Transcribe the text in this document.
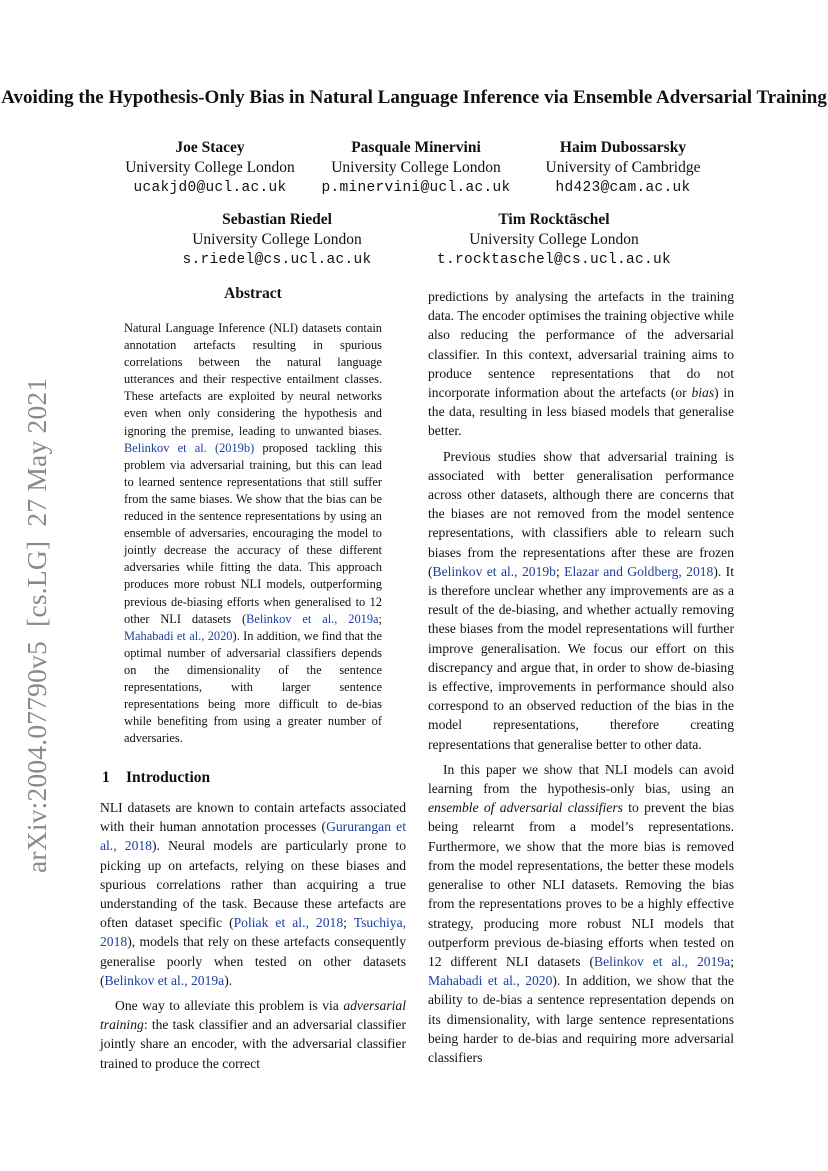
Avoiding the Hypothesis-Only Bias in Natural Language Inference via Ensemble Adversarial Training
Joe Stacey
University College London
ucakjd0@ucl.ac.uk
Pasquale Minervini
University College London
p.minervini@ucl.ac.uk
Haim Dubossarsky
University of Cambridge
hd423@cam.ac.uk
Sebastian Riedel
University College London
s.riedel@cs.ucl.ac.uk
Tim Rocktäschel
University College London
t.rocktaschel@cs.ucl.ac.uk
arXiv:2004.07790v5  [cs.LG]  27 May 2021
Abstract
Natural Language Inference (NLI) datasets contain annotation artefacts resulting in spurious correlations between the natural language utterances and their respective entailment classes. These artefacts are exploited by neural networks even when only considering the hypothesis and ignoring the premise, leading to unwanted biases. Belinkov et al. (2019b) proposed tackling this problem via adversarial training, but this can lead to learned sentence representations that still suffer from the same biases. We show that the bias can be reduced in the sentence representations by using an ensemble of adversaries, encouraging the model to jointly decrease the accuracy of these different adversaries while fitting the data. This approach produces more robust NLI models, outperforming previous de-biasing efforts when generalised to 12 other NLI datasets (Belinkov et al., 2019a; Mahabadi et al., 2020). In addition, we find that the optimal number of adversarial classifiers depends on the dimensionality of the sentence representations, with larger sentence representations being more difficult to de-bias while benefiting from using a greater number of adversaries.
1 Introduction

NLI datasets are known to contain artefacts associated with their human annotation processes (Gururangan et al., 2018). Neural models are particularly prone to picking up on artefacts, relying on these biases and spurious correlations rather than acquiring a true understanding of the task. Because these artefacts are often dataset specific (Poliak et al., 2018; Tsuchiya, 2018), models that rely on these artefacts consequently generalise poorly when tested on other datasets (Belinkov et al., 2019a).

One way to alleviate this problem is via adversarial training: the task classifier and an adversarial classifier jointly share an encoder, with the adversarial classifier trained to produce the correct

predictions by analysing the artefacts in the training data. The encoder optimises the training objective while also reducing the performance of the adversarial classifier. In this context, adversarial training aims to produce sentence representations that do not incorporate information about the artefacts (or bias) in the data, resulting in less biased models that generalise better.

Previous studies show that adversarial training is associated with better generalisation performance across other datasets, although there are concerns that the biases are not removed from the model sentence representations, with classifiers able to relearn such biases from the representations after these are frozen (Belinkov et al., 2019b; Elazar and Goldberg, 2018). It is therefore unclear whether any improvements are as a result of the de-biasing, and whether actually removing these biases from the model representations will further improve generalisation. We focus our effort on this discrepancy and argue that, in order to show de-biasing is effective, improvements in performance should also correspond to an observed reduction of the bias in the model representations, therefore creating representations that generalise better to other data.

In this paper we show that NLI models can avoid learning from the hypothesis-only bias, using an ensemble of adversarial classifiers to prevent the bias being relearnt from a model’s representations. Furthermore, we show that the more bias is removed from the model representations, the better these models generalise to other NLI datasets. Removing the bias from the representations proves to be a highly effective strategy, producing more robust NLI models that outperform previous de-biasing efforts when tested on 12 different NLI datasets (Belinkov et al., 2019a; Mahabadi et al., 2020). In addition, we show that the ability to de-bias a sentence representation depends on its dimensionality, with large sentence representations being harder to de-bias and requiring more adversarial classifiers
